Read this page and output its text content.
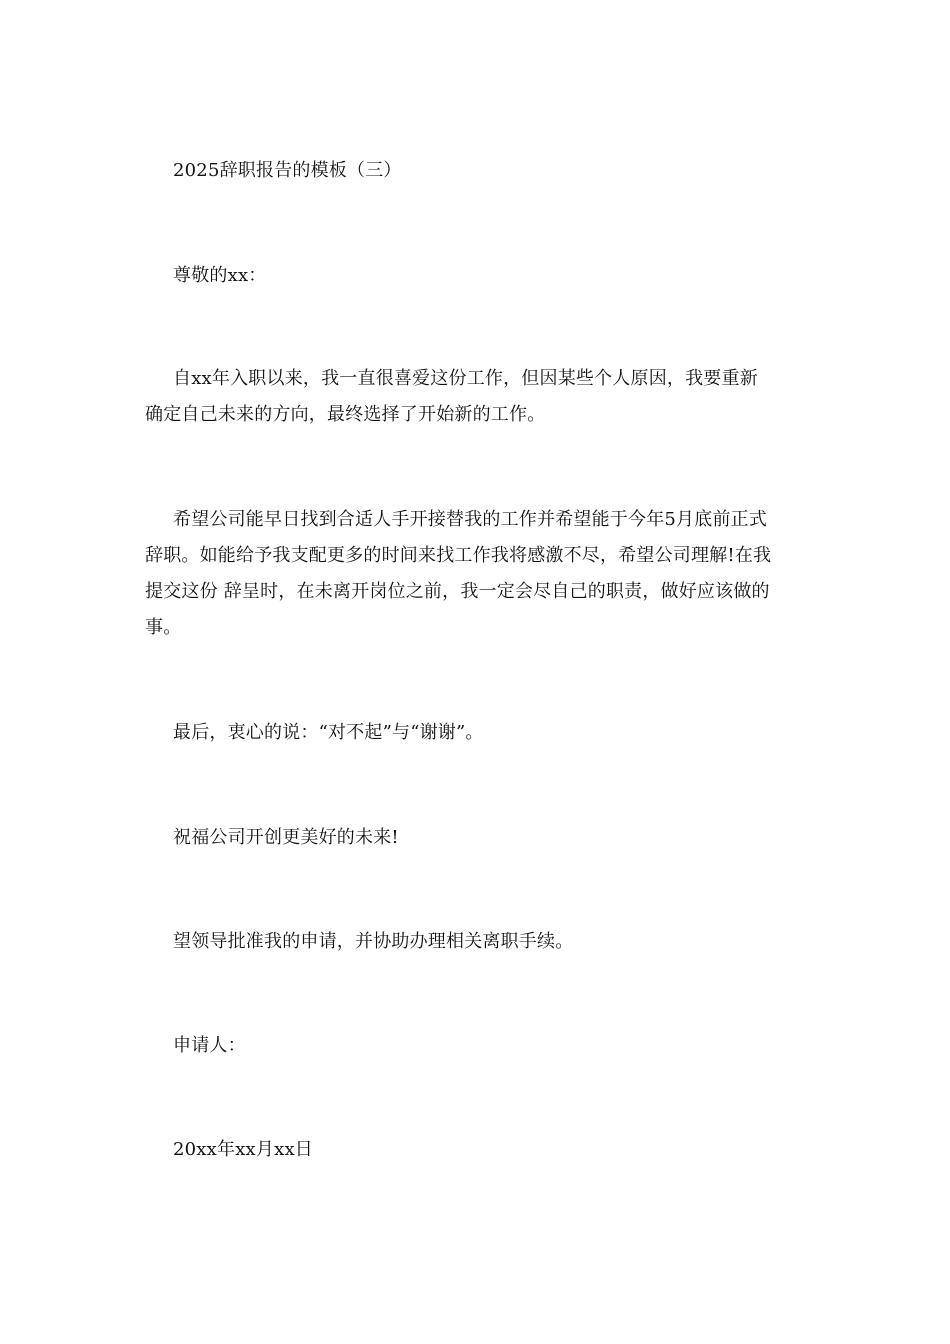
2025辞职报告的模板（三）
尊敬的xx：
自xx年入职以来，我一直很喜爱这份工作，但因某些个人原因，我要重新
确定自己未来的方向，最终选择了开始新的工作。
希望公司能早日找到合适人手开接替我的工作并希望能于今年5月底前正式
辞职。如能给予我支配更多的时间来找工作我将感激不尽，希望公司理解!在我
提交这份 辞呈时，在未离开岗位之前，我一定会尽自己的职责，做好应该做的
事。
最后，衷心的说：“对不起”与“谢谢”。
祝福公司开创更美好的未来!
望领导批准我的申请，并协助办理相关离职手续。
申请人：
20xx年xx月xx日
